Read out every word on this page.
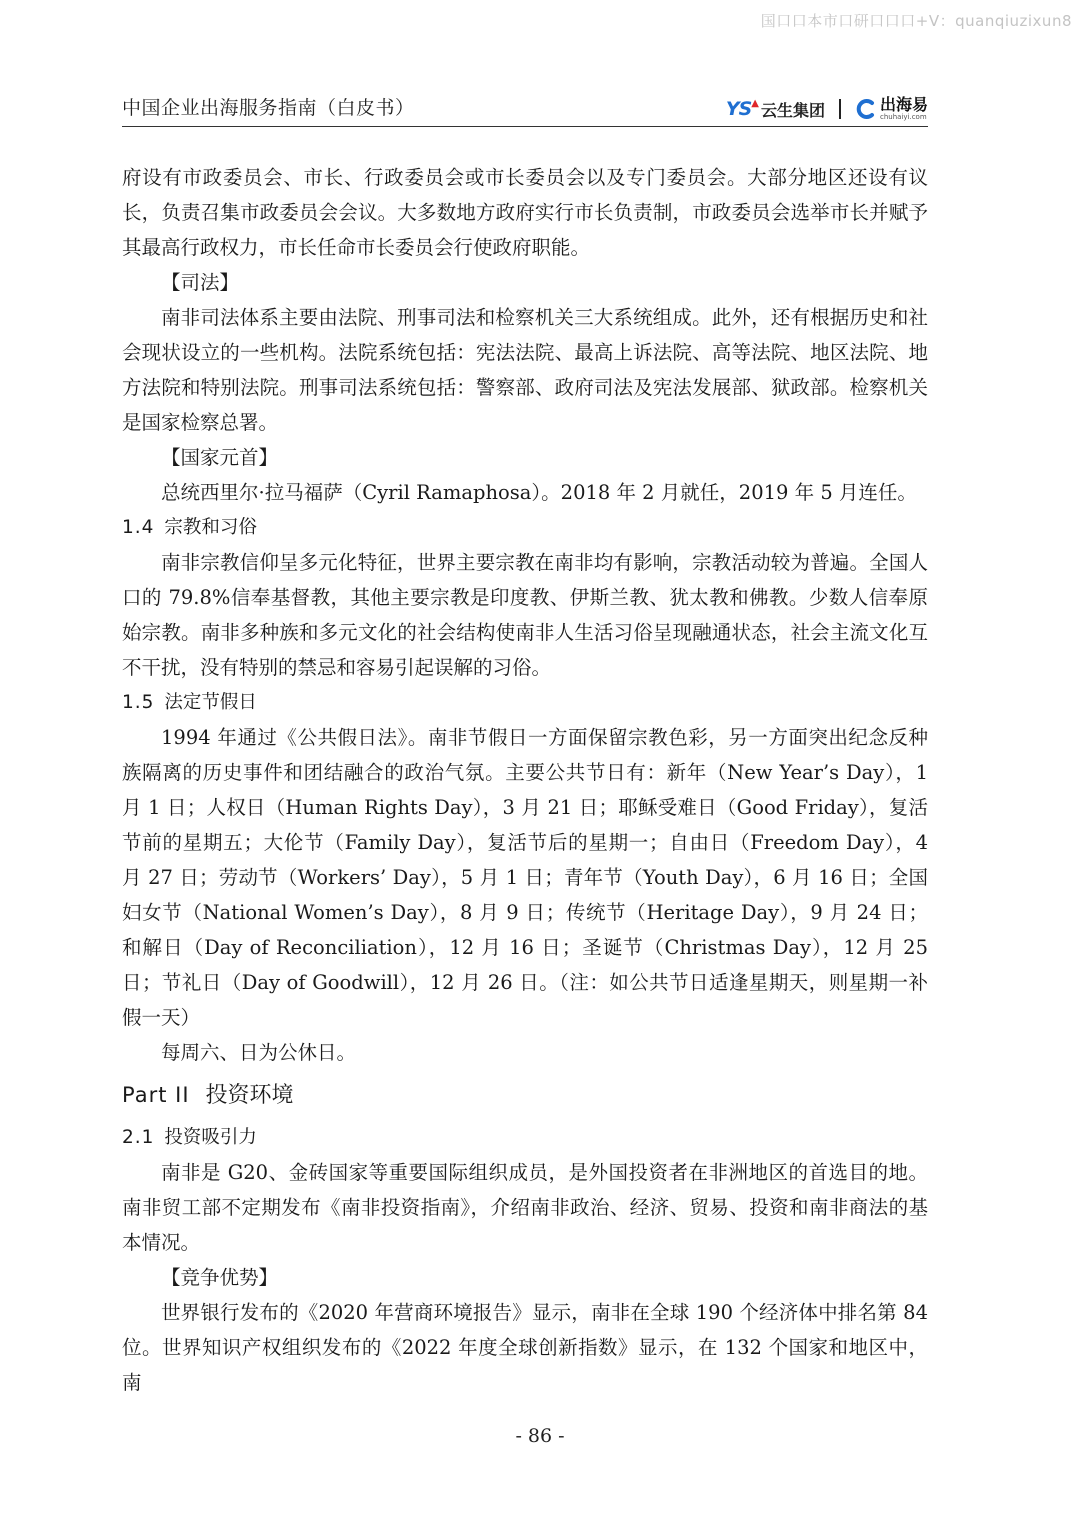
国口口本市口研口口口+V：quanqiuzixun8
中国企业出海服务指南（白皮书）	YS▲ 云生集团	出海易
chuhaiyi.com

府设有市政委员会、市长、行政委员会或市长委员会以及专门委员会。大部分地区还设有议长，负责召集市政委员会会议。大多数地方政府实行市长负责制，市政委员会选举市长并赋予其最高行政权力，市长任命市长委员会行使政府职能。

【司法】

南非司法体系主要由法院、刑事司法和检察机关三大系统组成。此外，还有根据历史和社会现状设立的一些机构。法院系统包括：宪法法院、最高上诉法院、高等法院、地区法院、地方法院和特别法院。刑事司法系统包括：警察部、政府司法及宪法发展部、狱政部。检察机关是国家检察总署。

【国家元首】

总统西里尔·拉马福萨（Cyril Ramaphosa）。2018 年 2 月就任，2019 年 5 月连任。

1.4 宗教和习俗

南非宗教信仰呈多元化特征，世界主要宗教在南非均有影响，宗教活动较为普遍。全国人口的 79.8%信奉基督教，其他主要宗教是印度教、伊斯兰教、犹太教和佛教。少数人信奉原始宗教。南非多种族和多元文化的社会结构使南非人生活习俗呈现融通状态，社会主流文化互不干扰，没有特别的禁忌和容易引起误解的习俗。

1.5 法定节假日

1994 年通过《公共假日法》。南非节假日一方面保留宗教色彩，另一方面突出纪念反种族隔离的历史事件和团结融合的政治气氛。主要公共节日有：新年（New Year’s Day），1 月 1 日；人权日（Human Rights Day），3 月 21 日；耶稣受难日（Good Friday），复活节前的星期五；大伦节（Family Day），复活节后的星期一；自由日（Freedom Day），4 月 27 日；劳动节（Workers’ Day），5 月 1 日；青年节（Youth Day），6 月 16 日；全国妇女节（National Women’s Day），8 月 9 日；传统节（Heritage Day），9 月 24 日；和解日（Day of Reconciliation），12 月 16 日；圣诞节（Christmas Day），12 月 25 日；节礼日（Day of Goodwill），12 月 26 日。（注：如公共节日适逢星期天，则星期一补假一天）

每周六、日为公休日。

Part II 投资环境

2.1 投资吸引力

南非是 G20、金砖国家等重要国际组织成员，是外国投资者在非洲地区的首选目的地。南非贸工部不定期发布《南非投资指南》，介绍南非政治、经济、贸易、投资和南非商法的基本情况。

【竞争优势】

世界银行发布的《2020 年营商环境报告》显示，南非在全球 190 个经济体中排名第 84 位。世界知识产权组织发布的《2022 年度全球创新指数》显示，在 132 个国家和地区中，南

- 86 -
